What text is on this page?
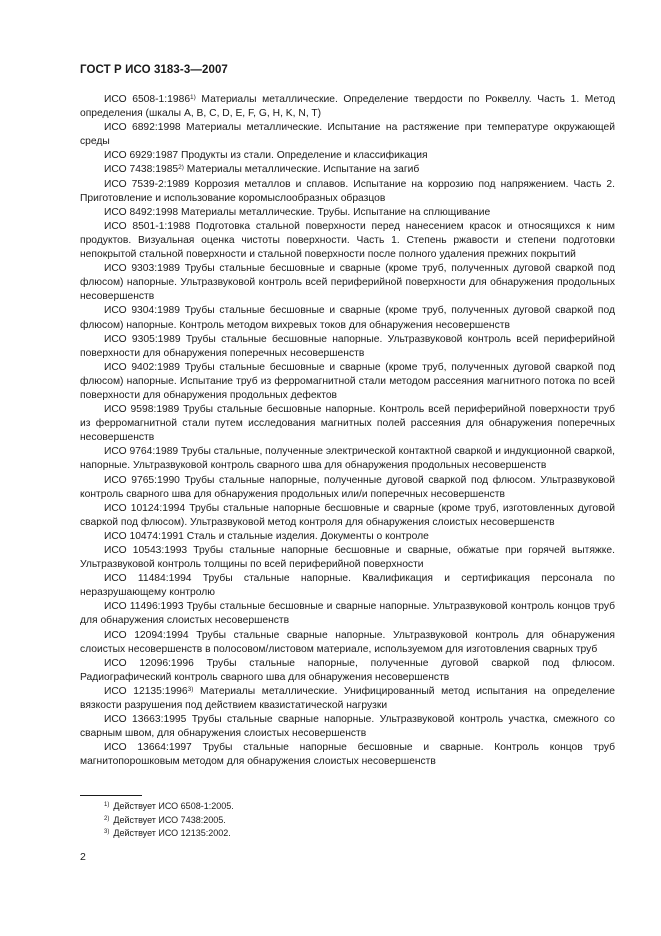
ГОСТ Р ИСО 3183-3—2007

ИСО 6508-1:1986$^{1)}$ Материалы металлические. Определение твердости по Роквеллу. Часть 1. Метод определения (шкалы A, B, C, D, E, F, G, H, K, N, T)

ИСО 6892:1998 Материалы металлические. Испытание на растяжение при температуре окружающей среды

ИСО 6929:1987 Продукты из стали. Определение и классификация

ИСО 7438:1985$^{2)}$ Материалы металлические. Испытание на загиб

ИСО 7539-2:1989 Коррозия металлов и сплавов. Испытание на коррозию под напряжением. Часть 2. Приготовление и использование коромыслообразных образцов

ИСО 8492:1998 Материалы металлические. Трубы. Испытание на сплющивание

ИСО 8501-1:1988 Подготовка стальной поверхности перед нанесением красок и относящихся к ним продуктов. Визуальная оценка чистоты поверхности. Часть 1. Степень ржавости и степени подготовки непокрытой стальной поверхности и стальной поверхности после полного удаления прежних покрытий

ИСО 9303:1989 Трубы стальные бесшовные и сварные (кроме труб, полученных дуговой сваркой под флюсом) напорные. Ультразвуковой контроль всей периферийной поверхности для обнаружения продольных несовершенств

ИСО 9304:1989 Трубы стальные бесшовные и сварные (кроме труб, полученных дуговой сваркой под флюсом) напорные. Контроль методом вихревых токов для обнаружения несовершенств

ИСО 9305:1989 Трубы стальные бесшовные напорные. Ультразвуковой контроль всей периферийной поверхности для обнаружения поперечных несовершенств

ИСО 9402:1989 Трубы стальные бесшовные и сварные (кроме труб, полученных дуговой сваркой под флюсом) напорные. Испытание труб из ферромагнитной стали методом рассеяния магнитного потока по всей поверхности для обнаружения продольных дефектов

ИСО 9598:1989 Трубы стальные бесшовные напорные. Контроль всей периферийной поверхности труб из ферромагнитной стали путем исследования магнитных полей рассеяния для обнаружения поперечных несовершенств

ИСО 9764:1989 Трубы стальные, полученные электрической контактной сваркой и индукционной сваркой, напорные. Ультразвуковой контроль сварного шва для обнаружения продольных несовершенств

ИСО 9765:1990 Трубы стальные напорные, полученные дуговой сваркой под флюсом. Ультразвуковой контроль сварного шва для обнаружения продольных или/и поперечных несовершенств

ИСО 10124:1994 Трубы стальные напорные бесшовные и сварные (кроме труб, изготовленных дуговой сваркой под флюсом). Ультразвуковой метод контроля для обнаружения слоистых несовершенств

ИСО 10474:1991 Сталь и стальные изделия. Документы о контроле

ИСО 10543:1993 Трубы стальные напорные бесшовные и сварные, обжатые при горячей вытяжке. Ультразвуковой контроль толщины по всей периферийной поверхности

ИСО 11484:1994 Трубы стальные напорные. Квалификация и сертификация персонала по неразрушающему контролю

ИСО 11496:1993 Трубы стальные бесшовные и сварные напорные. Ультразвуковой контроль концов труб для обнаружения слоистых несовершенств

ИСО 12094:1994 Трубы стальные сварные напорные. Ультразвуковой контроль для обнаружения слоистых несовершенств в полосовом/листовом материале, используемом для изготовления сварных труб

ИСО 12096:1996 Трубы стальные напорные, полученные дуговой сваркой под флюсом. Радиографический контроль сварного шва для обнаружения несовершенств

ИСО 12135:1996$^{3)}$ Материалы металлические. Унифицированный метод испытания на определение вязкости разрушения под действием квазистатической нагрузки

ИСО 13663:1995 Трубы стальные сварные напорные. Ультразвуковой контроль участка, смежного со сварным швом, для обнаружения слоистых несовершенств

ИСО 13664:1997 Трубы стальные напорные бесшовные и сварные. Контроль концов труб магнитопорошковым методом для обнаружения слоистых несовершенств

$^{1)}$ Действует ИСО 6508-1:2005.
$^{2)}$ Действует ИСО 7438:2005.
$^{3)}$ Действует ИСО 12135:2002.
2
